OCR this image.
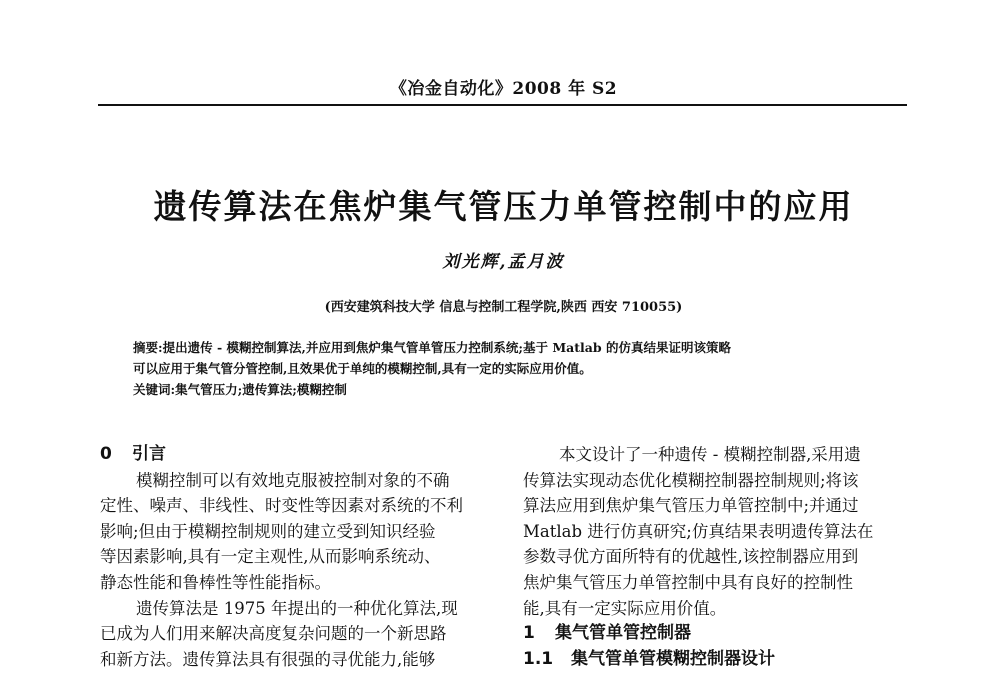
《冶金自动化》2008 年 S2
遗传算法在焦炉集气管压力单管控制中的应用
刘光辉,孟月波
(西安建筑科技大学 信息与控制工程学院,陕西 西安 710055)

摘要:提出遗传 - 模糊控制算法,并应用到焦炉集气管单管压力控制系统;基于 Matlab 的仿真结果证明该策略

可以应用于集气管分管控制,且效果优于单纯的模糊控制,具有一定的实际应用价值。

关键词:集气管压力;遗传算法;模糊控制

0 引言

模糊控制可以有效地克服被控制对象的不确

定性、噪声、非线性、时变性等因素对系统的不利

影响;但由于模糊控制规则的建立受到知识经验

等因素影响,具有一定主观性,从而影响系统动、

静态性能和鲁棒性等性能指标。

遗传算法是 1975 年提出的一种优化算法,现

已成为人们用来解决高度复杂问题的一个新思路

和新方法。遗传算法具有很强的寻优能力,能够

本文设计了一种遗传 - 模糊控制器,采用遗

传算法实现动态优化模糊控制器控制规则;将该

算法应用到焦炉集气管压力单管控制中;并通过

Matlab 进行仿真研究;仿真结果表明遗传算法在

参数寻优方面所特有的优越性,该控制器应用到

焦炉集气管压力单管控制中具有良好的控制性

能,具有一定实际应用价值。

1 集气管单管控制器

1.1 集气管单管模糊控制器设计
